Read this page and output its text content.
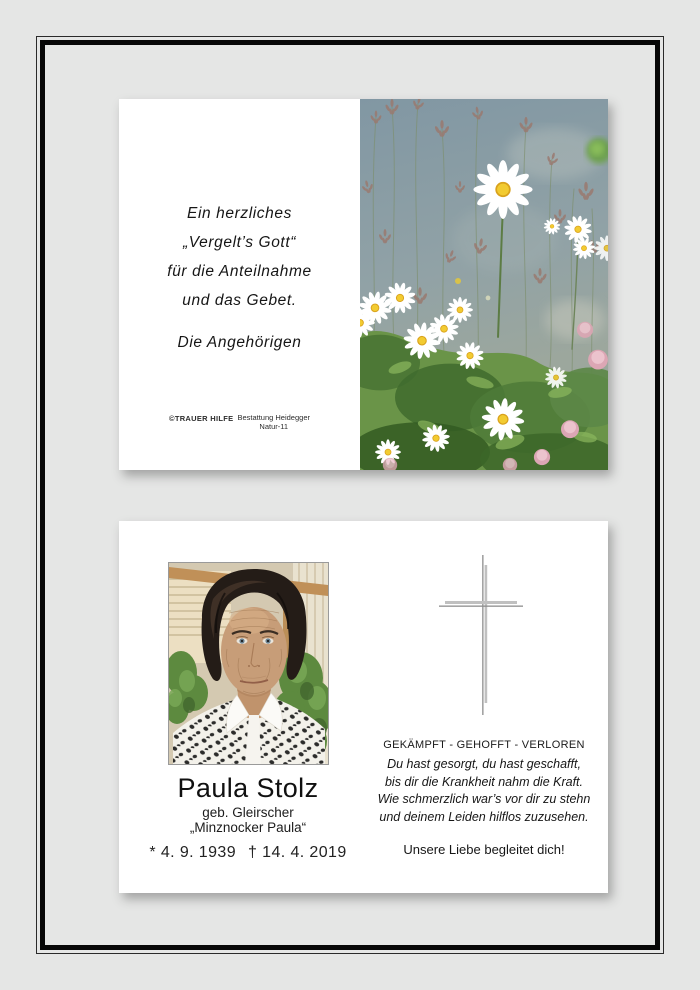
Ein herzliches
„Vergelt’s Gott“
für die Anteilnahme
und das Gebet.
Die Angehörigen
©TRAUER HILFE Bestattung Heidegger
Natur-11
Paula Stolz
geb. Gleirscher
„Minznocker Paula“
* 4. 9. 1939 † 14. 4. 2019
GEKÄMPFT - GEHOFFT - VERLOREN
Du hast gesorgt, du hast geschafft,
bis dir die Krankheit nahm die Kraft.
Wie schmerzlich war’s vor dir zu stehn
und deinem Leiden hilflos zuzusehen.
Unsere Liebe begleitet dich!
